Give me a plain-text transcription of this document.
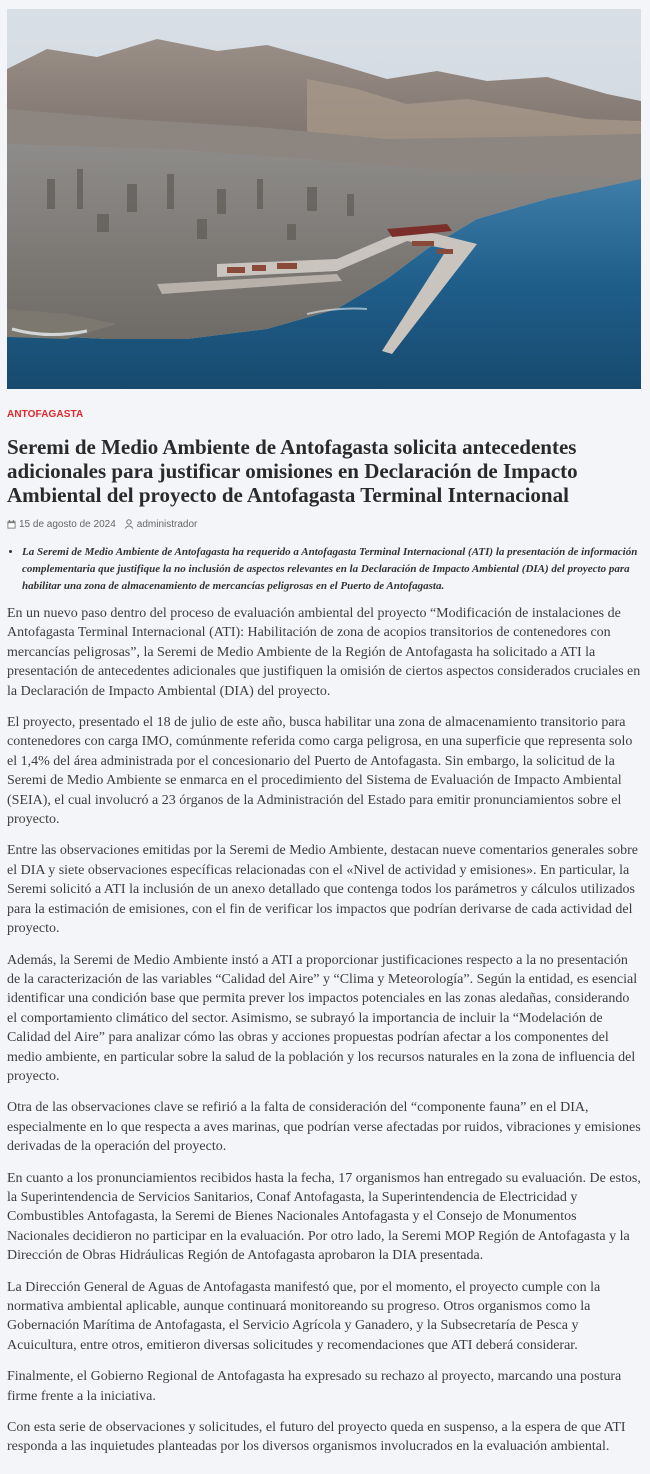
ANTOFAGASTA
Seremi de Medio Ambiente de Antofagasta solicita antecedentes adicionales para justificar omisiones en Declaración de Impacto Ambiental del proyecto de Antofagasta Terminal Internacional
15 de agosto de 2024 administrador
• La Seremi de Medio Ambiente de Antofagasta ha requerido a Antofagasta Terminal Internacional (ATI) la presentación de información complementaria que justifique la no inclusión de aspectos relevantes en la Declaración de Impacto Ambiental (DIA) del proyecto para habilitar una zona de almacenamiento de mercancías peligrosas en el Puerto de Antofagasta.

En un nuevo paso dentro del proceso de evaluación ambiental del proyecto “Modificación de instalaciones de Antofagasta Terminal Internacional (ATI): Habilitación de zona de acopios transitorios de contenedores con mercancías peligrosas”, la Seremi de Medio Ambiente de la Región de Antofagasta ha solicitado a ATI la presentación de antecedentes adicionales que justifiquen la omisión de ciertos aspectos considerados cruciales en la Declaración de Impacto Ambiental (DIA) del proyecto.

El proyecto, presentado el 18 de julio de este año, busca habilitar una zona de almacenamiento transitorio para contenedores con carga IMO, comúnmente referida como carga peligrosa, en una superficie que representa solo el 1,4% del área administrada por el concesionario del Puerto de Antofagasta. Sin embargo, la solicitud de la Seremi de Medio Ambiente se enmarca en el procedimiento del Sistema de Evaluación de Impacto Ambiental (SEIA), el cual involucró a 23 órganos de la Administración del Estado para emitir pronunciamientos sobre el proyecto.

Entre las observaciones emitidas por la Seremi de Medio Ambiente, destacan nueve comentarios generales sobre el DIA y siete observaciones específicas relacionadas con el «Nivel de actividad y emisiones». En particular, la Seremi solicitó a ATI la inclusión de un anexo detallado que contenga todos los parámetros y cálculos utilizados para la estimación de emisiones, con el fin de verificar los impactos que podrían derivarse de cada actividad del proyecto.

Además, la Seremi de Medio Ambiente instó a ATI a proporcionar justificaciones respecto a la no presentación de la caracterización de las variables “Calidad del Aire” y “Clima y Meteorología”. Según la entidad, es esencial identificar una condición base que permita prever los impactos potenciales en las zonas aledañas, considerando el comportamiento climático del sector. Asimismo, se subrayó la importancia de incluir la “Modelación de Calidad del Aire” para analizar cómo las obras y acciones propuestas podrían afectar a los componentes del medio ambiente, en particular sobre la salud de la población y los recursos naturales en la zona de influencia del proyecto.

Otra de las observaciones clave se refirió a la falta de consideración del “componente fauna” en el DIA, especialmente en lo que respecta a aves marinas, que podrían verse afectadas por ruidos, vibraciones y emisiones derivadas de la operación del proyecto.

En cuanto a los pronunciamientos recibidos hasta la fecha, 17 organismos han entregado su evaluación. De estos, la Superintendencia de Servicios Sanitarios, Conaf Antofagasta, la Superintendencia de Electricidad y Combustibles Antofagasta, la Seremi de Bienes Nacionales Antofagasta y el Consejo de Monumentos Nacionales decidieron no participar en la evaluación. Por otro lado, la Seremi MOP Región de Antofagasta y la Dirección de Obras Hidráulicas Región de Antofagasta aprobaron la DIA presentada.

La Dirección General de Aguas de Antofagasta manifestó que, por el momento, el proyecto cumple con la normativa ambiental aplicable, aunque continuará monitoreando su progreso. Otros organismos como la Gobernación Marítima de Antofagasta, el Servicio Agrícola y Ganadero, y la Subsecretaría de Pesca y Acuicultura, entre otros, emitieron diversas solicitudes y recomendaciones que ATI deberá considerar.

Finalmente, el Gobierno Regional de Antofagasta ha expresado su rechazo al proyecto, marcando una postura firme frente a la iniciativa.

Con esta serie de observaciones y solicitudes, el futuro del proyecto queda en suspenso, a la espera de que ATI responda a las inquietudes planteadas por los diversos organismos involucrados en la evaluación ambiental.
